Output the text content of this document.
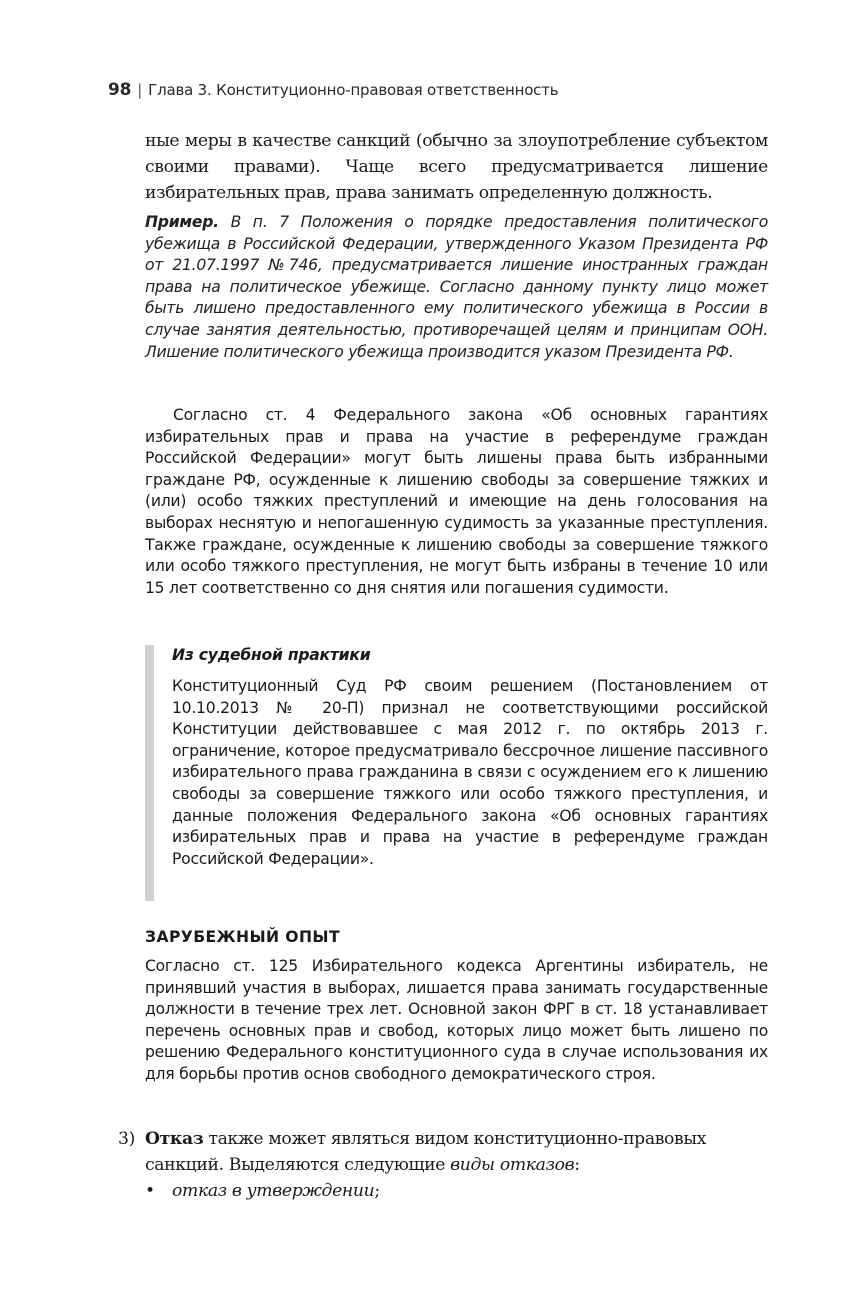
98 | Глава 3. Конституционно-правовая ответственность
ные меры в качестве санкций (обычно за злоупотребление субъектом своими правами). Чаще всего предусматривается лишение избирательных прав, права занимать определенную должность.
Пример. В п. 7 Положения о порядке предоставления политического убежища в Российской Федерации, утвержденного Указом Президента РФ от 21.07.1997 №746, предусматривается лишение иностранных граждан права на политическое убежище. Согласно данному пункту лицо может быть лишено предоставленного ему политического убежища в России в случае занятия деятельностью, противоречащей целям и принципам ООН. Лишение политического убежища производится указом Президента РФ.
Согласно ст. 4 Федерального закона «Об основных гарантиях избирательных прав и права на участие в референдуме граждан Российской Федерации» могут быть лишены права быть избранными граждане РФ, осужденные к лишению свободы за совершение тяжких и (или) особо тяжких преступлений и имеющие на день голосования на выборах неснятую и непогашенную судимость за указанные преступления. Также граждане, осужденные к лишению свободы за совершение тяжкого или особо тяжкого преступления, не могут быть избраны в течение 10 или 15 лет соответственно со дня снятия или погашения судимости.
Из судебной практики
Конституционный Суд РФ своим решением (Постановлением от 10.10.2013 № 20-П) признал не соответствующими российской Конституции действовавшее с мая 2012 г. по октябрь 2013 г. ограничение, которое предусматривало бессрочное лишение пассивного избирательного права гражданина в связи с осуждением его к лишению свободы за совершение тяжкого или особо тяжкого преступления, и данные положения Федерального закона «Об основных гарантиях избирательных прав и права на участие в референдуме граждан Российской Федерации».
ЗАРУБЕЖНЫЙ ОПЫТ
Согласно ст. 125 Избирательного кодекса Аргентины избиратель, не принявший участия в выборах, лишается права занимать государственные должности в течение трех лет. Основной закон ФРГ в ст. 18 устанавливает перечень основных прав и свобод, которых лицо может быть лишено по решению Федерального конституционного суда в случае использования их для борьбы против основ свободного демократического строя.
3) Отказ также может являться видом конституционно-правовых
санкций. Выделяются следующие виды отказов:
• отказ в утверждении;
